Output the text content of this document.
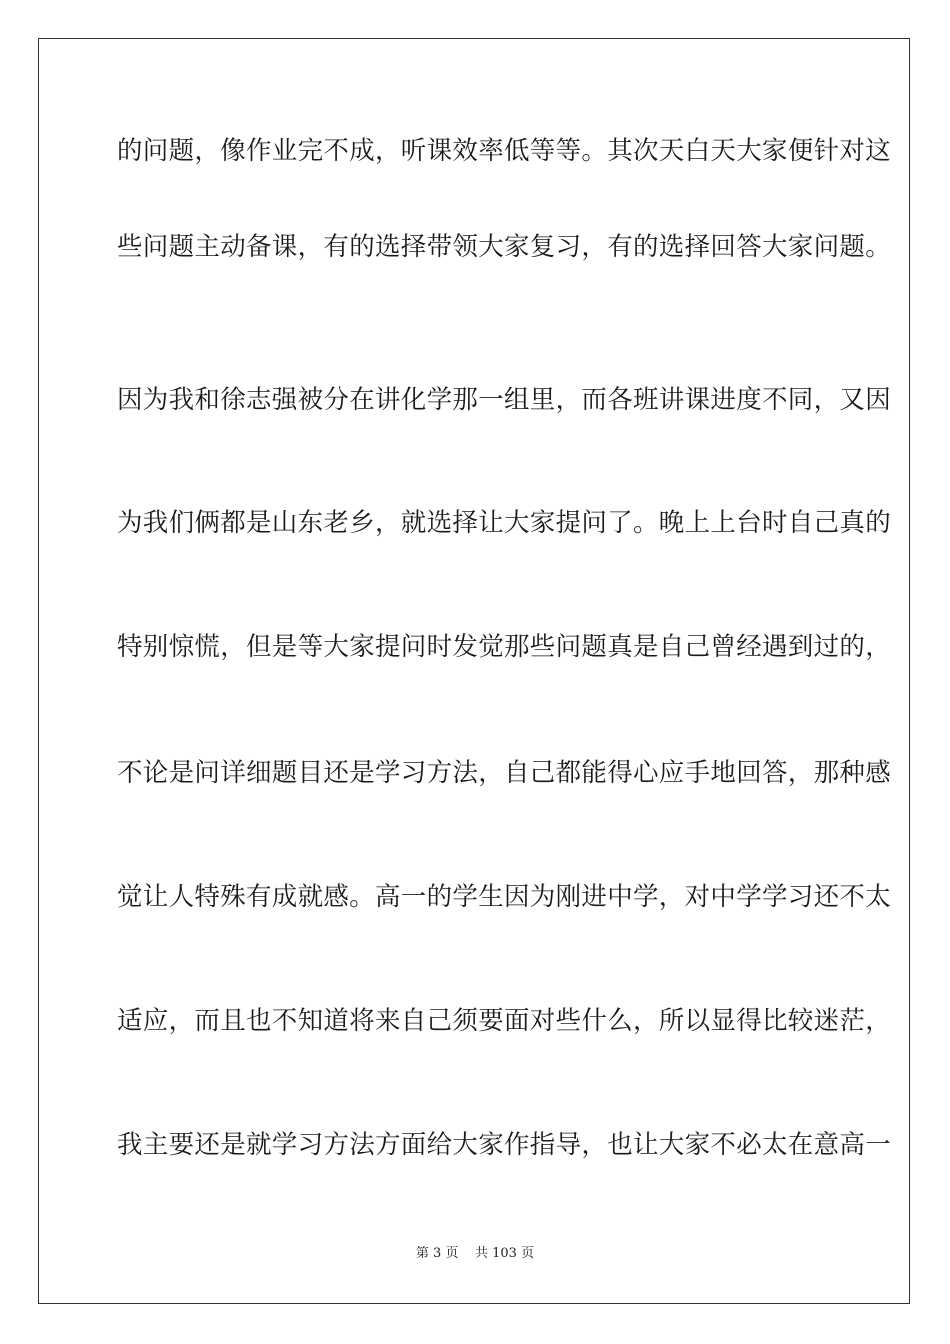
的问题，像作业完不成，听课效率低等等。其次天白天大家便针对这
些问题主动备课，有的选择带领大家复习，有的选择回答大家问题。
因为我和徐志强被分在讲化学那一组里，而各班讲课进度不同，又因
为我们俩都是山东老乡，就选择让大家提问了。晚上上台时自己真的
特别惊慌，但是等大家提问时发觉那些问题真是自己曾经遇到过的，
不论是问详细题目还是学习方法，自己都能得心应手地回答，那种感
觉让人特殊有成就感。高一的学生因为刚进中学，对中学学习还不太
适应，而且也不知道将来自己须要面对些什么，所以显得比较迷茫，
我主要还是就学习方法方面给大家作指导，也让大家不必太在意高一
第 3 页 共 103 页
